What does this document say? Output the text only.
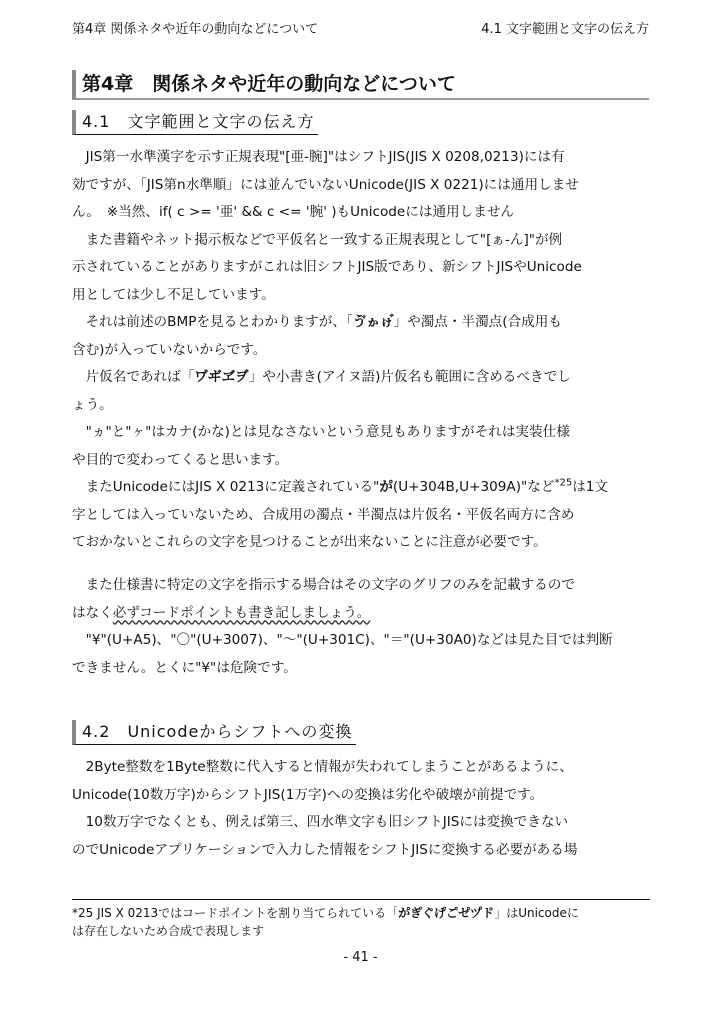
第4章 関係ネタや近年の動向などについて	4.1 文字範囲と文字の伝え方
第4章　関係ネタや近年の動向などについて
4.1　文字範囲と文字の伝え方

　JIS第一水準漢字を示す正規表現"[亜-腕]"はシフトJIS(JIS X 0208,0213)には有

効ですが、「JIS第n水準順」には並んでいないUnicode(JIS X 0221)には通用しませ

ん。　※当然、if( c >= '亜' && c <= '腕' )もUnicodeには通用しません

　また書籍やネット掲示板などで平仮名と一致する正規表現として"[ぁ-ん]"が例

示されていることがありますがこれは旧シフトJIS版であり、新シフトJISやUnicode

用としては少し不足しています。

　それは前述のBMPを見るとわかりますが、「ゔゕゖ゙」や濁点・半濁点(合成用も

含む)が入っていないからです。

　片仮名であれば「ヷヸヹヺ」や小書き(アイヌ語)片仮名も範囲に含めるべきでし

ょう。

　"ヵ"と"ヶ"はカナ(かな)とは見なさないという意見もありますがそれは実装仕様

や目的で変わってくると思います。

　またUnicodeにはJIS X 0213に定義されている"か゚(U+304B,U+309A)"など$^{*25}$は1文

字としては入っていないため、合成用の濁点・半濁点は片仮名・平仮名両方に含め

ておかないとこれらの文字を見つけることが出来ないことに注意が必要です。

　また仕様書に特定の文字を指示する場合はその文字のグリフのみを記載するので

はなく必ずコードポイントも書き記しましょう。

　"¥"(U+A5)、"〇"(U+3007)、"～"(U+301C)、"＝"(U+30A0)などは見た目では判断

できません。とくに"¥"は危険です。

4.2　Unicodeからシフトへの変換

　2Byte整数を1Byte整数に代入すると情報が失われてしまうことがあるように、

Unicode(10数万字)からシフトJIS(1万字)への変換は劣化や破壊が前提です。

　10数万字でなくとも、例えば第三、四水準文字も旧シフトJISには変換できない

のでUnicodeアプリケーションで入力した情報をシフトJISに変換する必要がある場

*25 JIS X 0213ではコードポイントを割り当てられている「か゚き゚く゚け゚こ゚セ゚ツ゚ト゚」はUnicodeに

は存在しないため合成で表現します

- 41 -
